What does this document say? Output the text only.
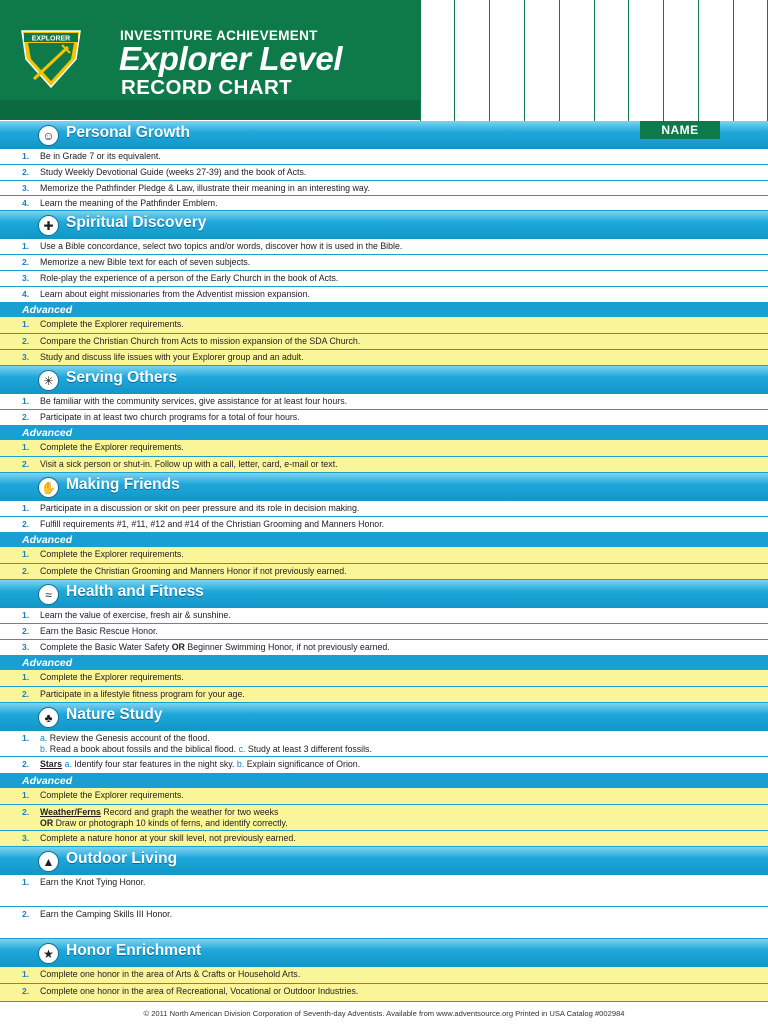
EXPLORER	INVESTITURE ACHIEVEMENT
Explorer Level
RECORD CHART
☺ Personal Growth	NAME
1. Be in Grade 7 or its equivalent.
2. Study Weekly Devotional Guide (weeks 27-39) and the book of Acts.
3. Memorize the Pathfinder Pledge & Law, illustrate their meaning in an interesting way.
4. Learn the meaning of the Pathfinder Emblem.
✚ Spiritual Discovery
1. Use a Bible concordance, select two topics and/or words, discover how it is used in the Bible.
2. Memorize a new Bible text for each of seven subjects.
3. Role-play the experience of a person of the Early Church in the book of Acts.
4. Learn about eight missionaries from the Adventist mission expansion.
Advanced
1. Complete the Explorer requirements.
2. Compare the Christian Church from Acts to mission expansion of the SDA Church.
3. Study and discuss life issues with your Explorer group and an adult.
✳ Serving Others
1. Be familiar with the community services, give assistance for at least four hours.
2. Participate in at least two church programs for a total of four hours.
Advanced
1. Complete the Explorer requirements.
2. Visit a sick person or shut-in. Follow up with a call, letter, card, e-mail or text.
✋ Making Friends
1. Participate in a discussion or skit on peer pressure and its role in decision making.
2. Fulfill requirements #1, #11, #12 and #14 of the Christian Grooming and Manners Honor.
Advanced
1. Complete the Explorer requirements.
2. Complete the Christian Grooming and Manners Honor if not previously earned.
≈ Health and Fitness
1. Learn the value of exercise, fresh air & sunshine.
2. Earn the Basic Rescue Honor.
3. Complete the Basic Water Safety OR Beginner Swimming Honor, if not previously earned.
Advanced
1. Complete the Explorer requirements.
2. Participate in a lifestyle fitness program for your age.
♣ Nature Study
1. a. Review the Genesis account of the flood.
b. Read a book about fossils and the biblical flood. c. Study at least 3 different fossils.
2. Stars a. Identify four star features in the night sky. b. Explain significance of Orion.
Advanced
1. Complete the Explorer requirements.
2. Weather/Ferns Record and graph the weather for two weeks
OR Draw or photograph 10 kinds of ferns, and identify correctly.
3. Complete a nature honor at your skill level, not previously earned.
▲ Outdoor Living
1. Earn the Knot Tying Honor.
2. Earn the Camping Skills III Honor.
★ Honor Enrichment
1. Complete one honor in the area of Arts & Crafts or Household Arts.
2. Complete one honor in the area of Recreational, Vocational or Outdoor Industries.
© 2011 North American Division Corporation of Seventh-day Adventists. Available from www.adventsource.org Printed in USA Catalog #002984
